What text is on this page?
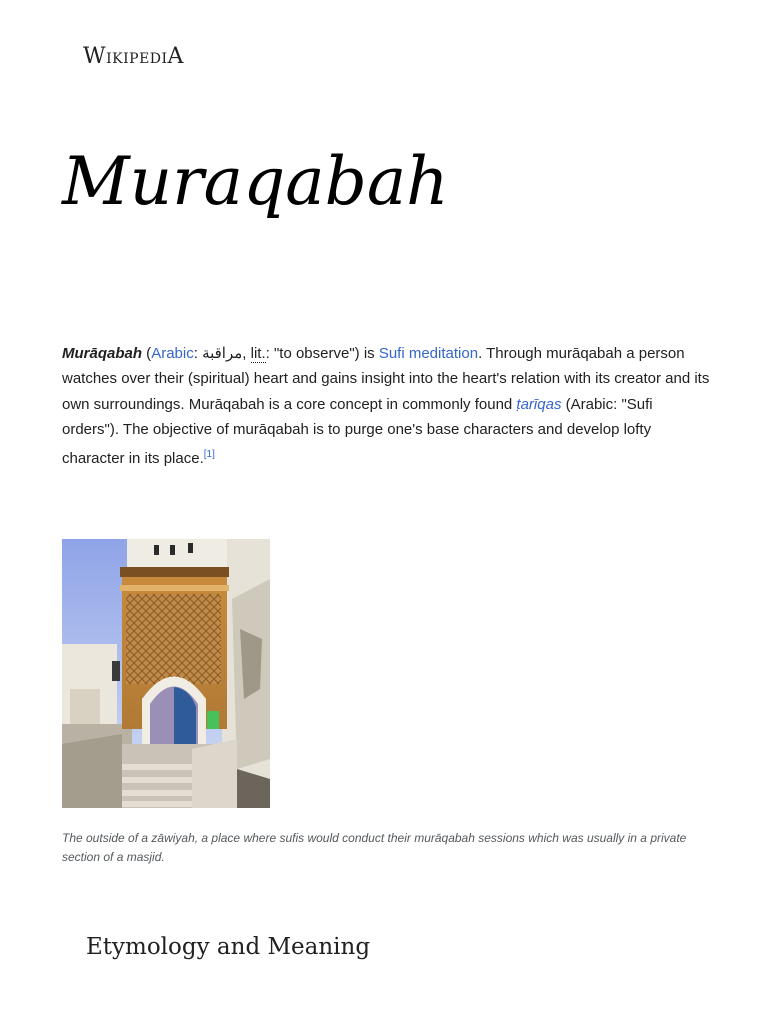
WikipediA
Muraqabah

Murāqabah (Arabic: مراقبة, lit.: "to observe") is Sufi meditation. Through murāqabah a person watches over their (spiritual) heart and gains insight into the heart's relation with its creator and its own surroundings. Murāqabah is a core concept in commonly found ṭarīqas (Arabic: "Sufi orders"). The objective of murāqabah is to purge one's base characters and develop lofty character in its place.[1]

The outside of a zāwiyah, a place where sufis would conduct their murāqabah sessions which was usually in a private section of a masjid.

Etymology and Meaning
